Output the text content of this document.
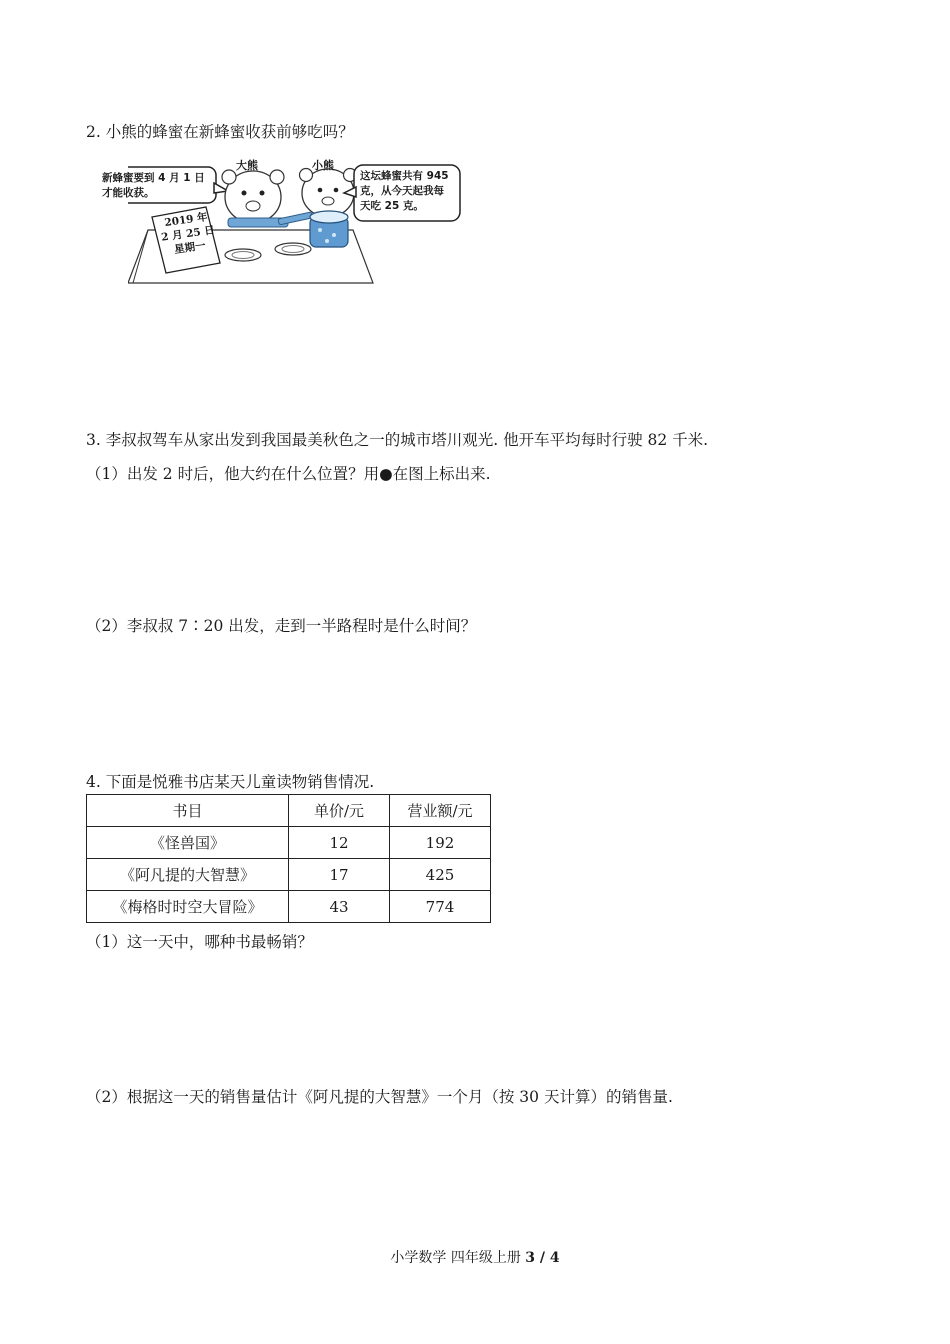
2. 小熊的蜂蜜在新蜂蜜收获前够吃吗？
新蜂蜜要到 4 月 1 日
才能收获。
大熊	小熊
这坛蜂蜜共有 945
克，从今天起我每
天吃 25 克。
2019 年
2 月 25 日
星期一
3. 李叔叔驾车从家出发到我国最美秋色之一的城市塔川观光. 他开车平均每时行驶 82 千米.
（1）出发 2 时后，他大约在什么位置？用●在图上标出来.
（2）李叔叔 7∶20 出发，走到一半路程时是什么时间？
4. 下面是悦雅书店某天儿童读物销售情况.
书目	单价/元	营业额/元
《怪兽国》	12	192
《阿凡提的大智慧》	17	425
《梅格时时空大冒险》	43	774
（1）这一天中，哪种书最畅销？
（2）根据这一天的销售量估计《阿凡提的大智慧》一个月（按 30 天计算）的销售量.
小学数学 四年级上册 3 / 4
